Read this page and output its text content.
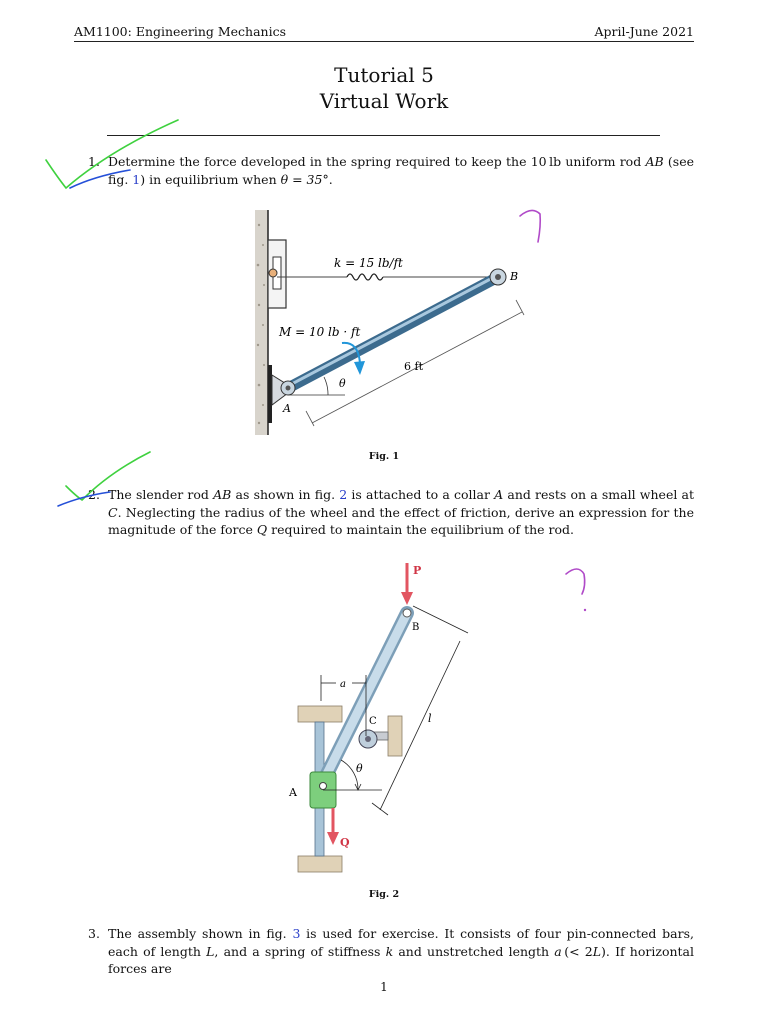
AM1100: Engineering Mechanics	April-June 2021
Tutorial 5
Virtual Work
1. Determine the force developed in the spring required to keep the 10 lb uniform rod AB (see fig. 1) in equilibrium when θ = 35°.
k = 15 lb/ft
M = 10 lb · ft
6 ft
θ
A
B
Fig. 1
2. The slender rod AB as shown in fig. 2 is attached to a collar A and rests on a small wheel at C. Neglecting the radius of the wheel and the effect of friction, derive an expression for the magnitude of the force Q required to maintain the equilibrium of the rod.
P
Q
B
C
A
a
l
θ
Fig. 2
3. The assembly shown in fig. 3 is used for exercise. It consists of four pin-connected bars, each of length L, and a spring of stiffness k and unstretched length a (< 2L). If horizontal forces are
1
